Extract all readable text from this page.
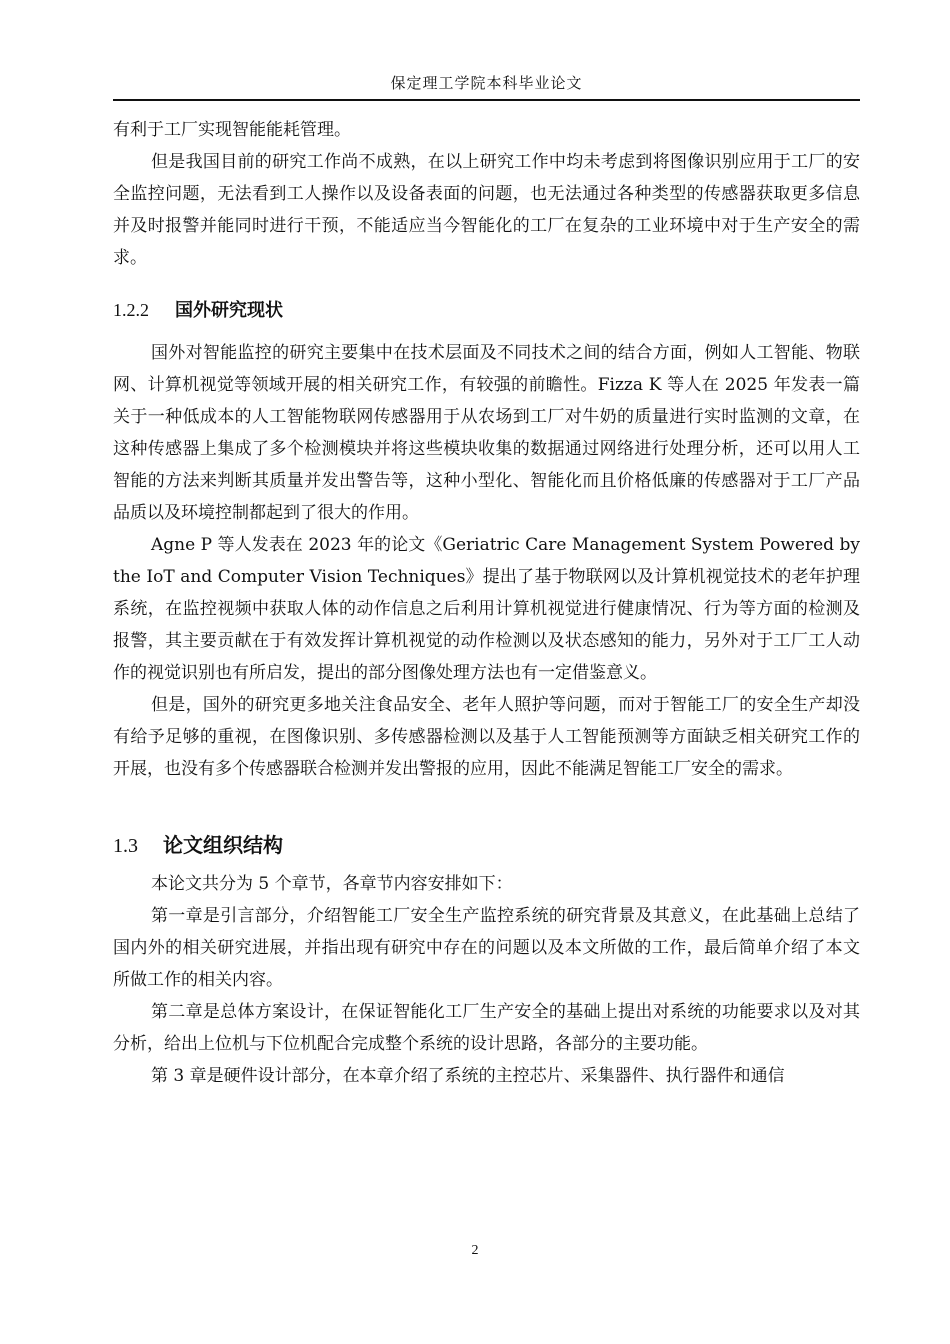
保定理工学院本科毕业论文

有利于工厂实现智能能耗管理。

但是我国目前的研究工作尚不成熟，在以上研究工作中均未考虑到将图像识别应用于工厂的安全监控问题，无法看到工人操作以及设备表面的问题，也无法通过各种类型的传感器获取更多信息并及时报警并能同时进行干预，不能适应当今智能化的工厂在复杂的工业环境中对于生产安全的需求。

1.2.2 国外研究现状

国外对智能监控的研究主要集中在技术层面及不同技术之间的结合方面，例如人工智能、物联网、计算机视觉等领域开展的相关研究工作，有较强的前瞻性。Fizza K 等人在 2025 年发表一篇关于一种低成本的人工智能物联网传感器用于从农场到工厂对牛奶的质量进行实时监测的文章，在这种传感器上集成了多个检测模块并将这些模块收集的数据通过网络进行处理分析，还可以用人工智能的方法来判断其质量并发出警告等，这种小型化、智能化而且价格低廉的传感器对于工厂产品品质以及环境控制都起到了很大的作用。

Agne P 等人发表在 2023 年的论文《Geriatric Care Management System Powered by the IoT and Computer Vision Techniques》提出了基于物联网以及计算机视觉技术的老年护理系统，在监控视频中获取人体的动作信息之后利用计算机视觉进行健康情况、行为等方面的检测及报警，其主要贡献在于有效发挥计算机视觉的动作检测以及状态感知的能力，另外对于工厂工人动作的视觉识别也有所启发，提出的部分图像处理方法也有一定借鉴意义。

但是，国外的研究更多地关注食品安全、老年人照护等问题，而对于智能工厂的安全生产却没有给予足够的重视，在图像识别、多传感器检测以及基于人工智能预测等方面缺乏相关研究工作的开展，也没有多个传感器联合检测并发出警报的应用，因此不能满足智能工厂安全的需求。

1.3 论文组织结构

本论文共分为 5 个章节，各章节内容安排如下：

第一章是引言部分，介绍智能工厂安全生产监控系统的研究背景及其意义，在此基础上总结了国内外的相关研究进展，并指出现有研究中存在的问题以及本文所做的工作，最后简单介绍了本文所做工作的相关内容。

第二章是总体方案设计，在保证智能化工厂生产安全的基础上提出对系统的功能要求以及对其分析，给出上位机与下位机配合完成整个系统的设计思路，各部分的主要功能。

第 3 章是硬件设计部分，在本章介绍了系统的主控芯片、采集器件、执行器件和通信

2
